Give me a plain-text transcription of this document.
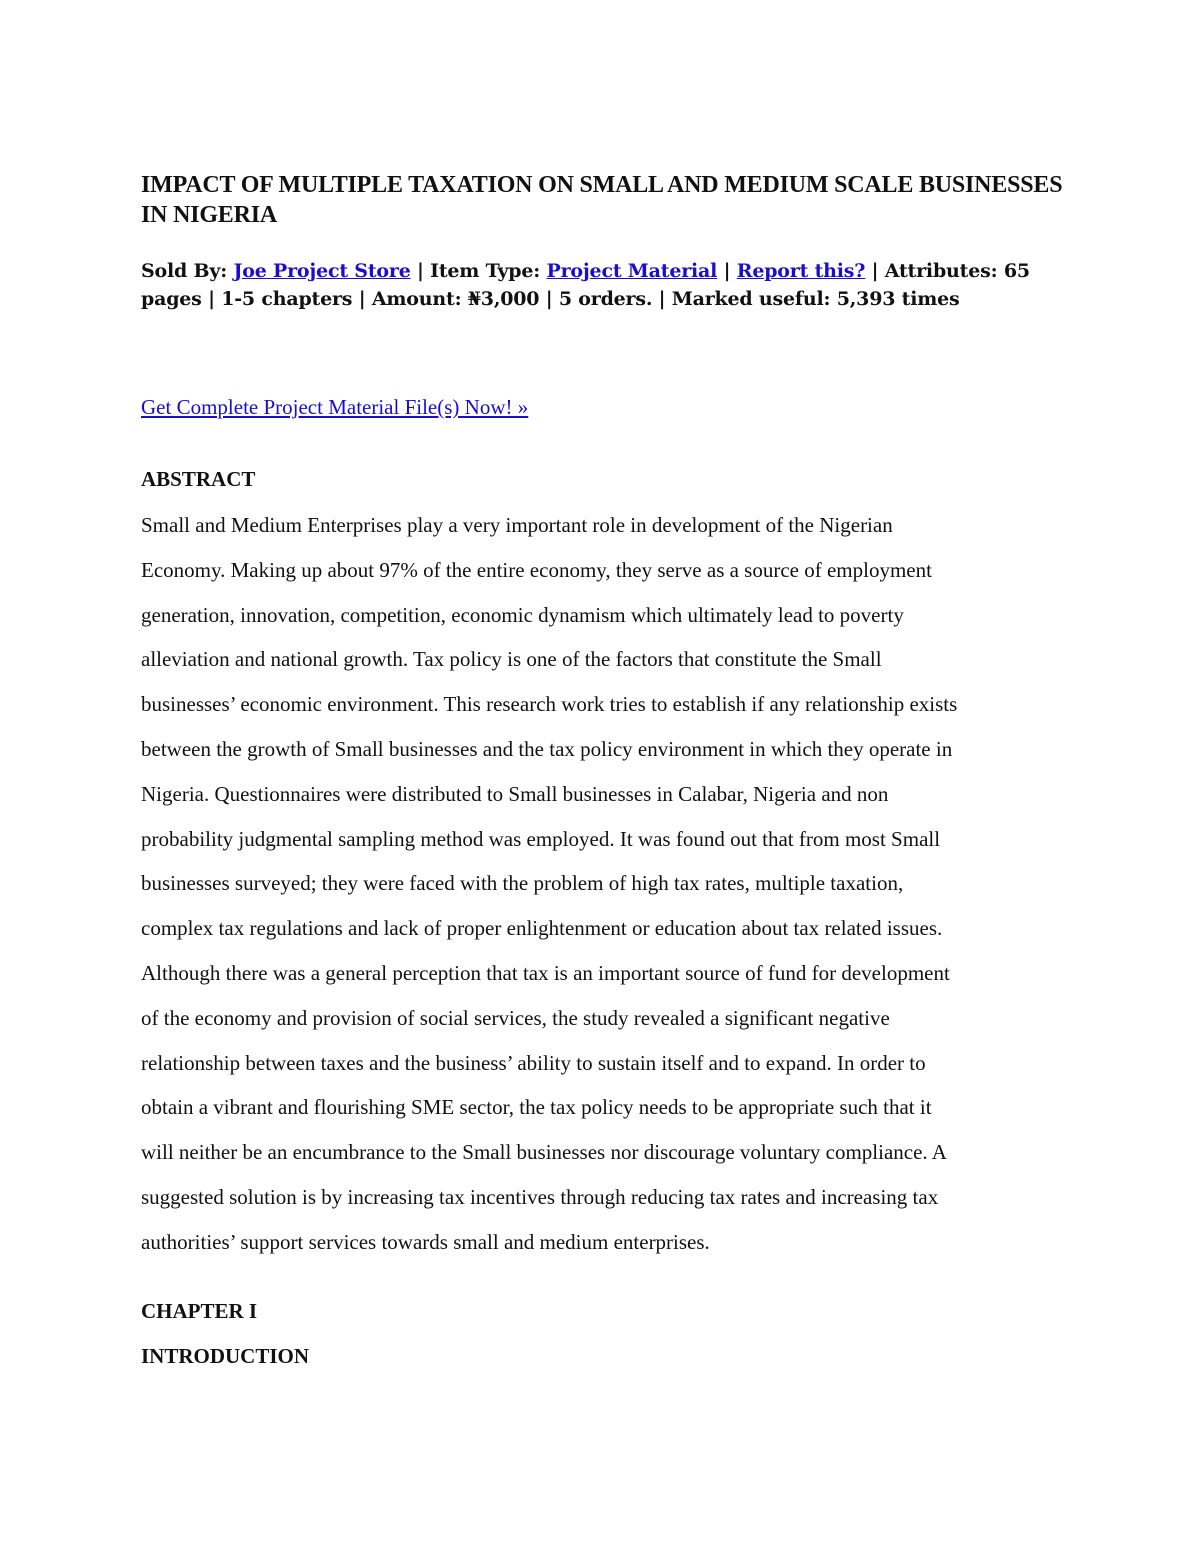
IMPACT OF MULTIPLE TAXATION ON SMALL AND MEDIUM SCALE BUSINESSES IN NIGERIA

Sold By: Joe Project Store | Item Type: Project Material | Report this? | Attributes: 65 pages | 1-5 chapters | Amount: ₦3,000 | 5 orders. | Marked useful: 5,393 times

Get Complete Project Material File(s) Now! »
ABSTRACT
Small and Medium Enterprises play a very important role in development of the Nigerian
Economy. Making up about 97% of the entire economy, they serve as a source of employment
generation, innovation, competition, economic dynamism which ultimately lead to poverty
alleviation and national growth. Tax policy is one of the factors that constitute the Small
businesses’ economic environment. This research work tries to establish if any relationship exists
between the growth of Small businesses and the tax policy environment in which they operate in
Nigeria. Questionnaires were distributed to Small businesses in Calabar, Nigeria and non
probability judgmental sampling method was employed. It was found out that from most Small
businesses surveyed; they were faced with the problem of high tax rates, multiple taxation,
complex tax regulations and lack of proper enlightenment or education about tax related issues.
Although there was a general perception that tax is an important source of fund for development
of the economy and provision of social services, the study revealed a significant negative
relationship between taxes and the business’ ability to sustain itself and to expand. In order to
obtain a vibrant and flourishing SME sector, the tax policy needs to be appropriate such that it
will neither be an encumbrance to the Small businesses nor discourage voluntary compliance. A
suggested solution is by increasing tax incentives through reducing tax rates and increasing tax
authorities’ support services towards small and medium enterprises.
CHAPTER I
INTRODUCTION
